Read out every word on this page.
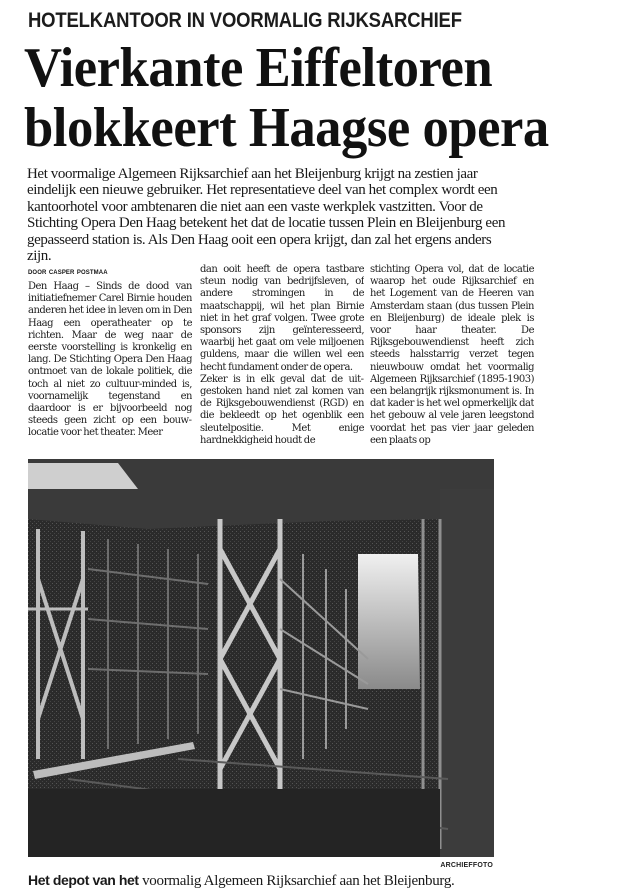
HOTELKANTOOR IN VOORMALIG RIJKSARCHIEF
Vierkante Eiffeltoren
blokkeert Haagse opera
Het voormalige Algemeen Rijksarchief aan het Bleijenburg krijgt na zestien jaar eindelijk een nieuwe gebruiker. Het representatieve deel van het complex wordt een kantoorhotel voor ambtenaren die niet aan een vaste werkplek vastzitten. Voor de Stichting Opera Den Haag betekent het dat de locatie tussen Plein en Bleijenburg een gepasseerd station is. Als Den Haag ooit een opera krijgt, dan zal het ergens anders zijn.
door casper postmaa

Den Haag – Sinds de dood van initiatiefnemer Carel Birnie houden anderen het idee in leven om in Den Haag een operatheater op te richten. Maar de weg naar de eerste voorstelling is kronkelig en lang. De Stichting Opera Den Haag ontmoet van de lokale politiek, die toch al niet zo cultuur-minded is, voornamelijk tegenstand en daardoor is er bijvoorbeeld nog steeds geen zicht op een bouwlocatie voor het theater. Meer

dan ooit heeft de opera tastbare steun nodig van bedrijfsleven, of andere stromingen in de maatschappij, wil het plan Birnie niet in het graf volgen. Twee grote sponsors zijn geïnteresseerd, waarbij het gaat om vele miljoenen guldens, maar die willen wel een hecht fundament onder de opera.

Zeker is in elk geval dat de uitgestoken hand niet zal komen van de Rijksgebouwendienst (RGD) en die bekleedt op het ogenblik een sleutelpositie. Met enige hardnekkigheid houdt de

stichting Opera vol, dat de locatie waarop het oude Rijksarchief en het Logement van de Heeren van Amsterdam staan (dus tussen Plein en Bleijenburg) de ideale plek is voor haar theater. De Rijksgebouwendienst heeft zich steeds halsstarrig verzet tegen nieuwbouw omdat het voormalig Algemeen Rijksarchief (1895-1903) een belangrijk rijksmonument is. In dat kader is het wel opmerkelijk dat het gebouw al vele jaren leegstond voordat het pas vier jaar geleden een plaats op

ARCHIEFFOTO
Het depot van het voormalig Algemeen Rijksarchief aan het Bleijenburg.
